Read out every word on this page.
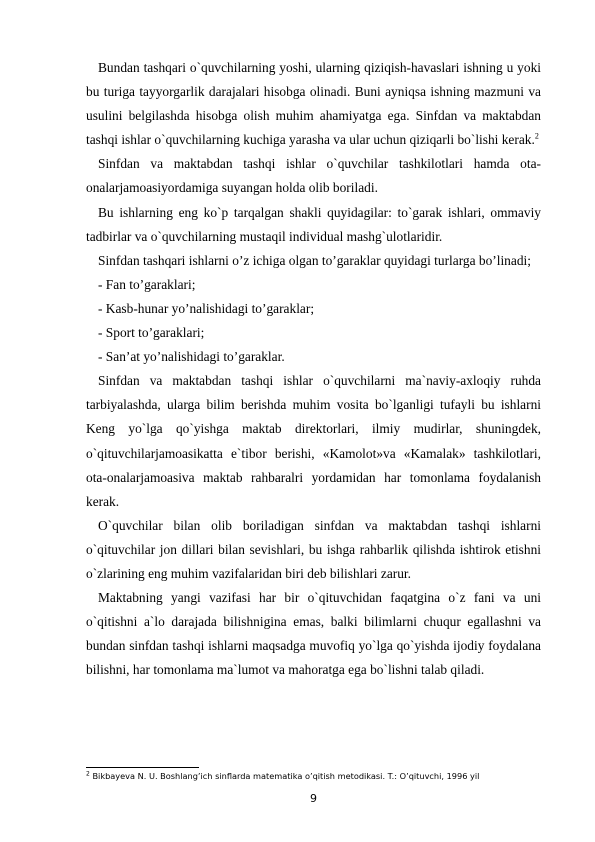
Bundan tashqari o`quvchilarning yoshi, ularning qiziqish-havaslari ishning u yoki bu turiga tayyorgarlik darajalari hisobga olinadi. Buni ayniqsa ishning mazmuni va usulini belgilashda hisobga olish muhim ahamiyatga ega. Sinfdan va maktabdan tashqi ishlar o`quvchilarning kuchiga yarasha va ular uchun qiziqarli bo`lishi kerak.$^2$

Sinfdan va maktabdan tashqi ishlar o`quvchilar tashkilotlari hamda ota-onalarjamoasiyordamiga suyangan holda olib boriladi.

Bu ishlarning eng ko`p tarqalgan shakli quyidagilar: to`garak ishlari, ommaviy tadbirlar va o`quvchilarning mustaqil individual mashg`ulotlaridir.

Sinfdan tashqari ishlarni o’z ichiga olgan to’garaklar quyidagi turlarga bo’linadi;

- Fan to’garaklari;

- Kasb-hunar yo’nalishidagi to’garaklar;

- Sport to’garaklari;

- San’at yo’nalishidagi to’garaklar.

Sinfdan va maktabdan tashqi ishlar o`quvchilarni ma`naviy-axloqiy ruhda tarbiyalashda, ularga bilim berishda muhim vosita bo`lganligi tufayli bu ishlarni Keng yo`lga qo`yishga maktab direktorlari, ilmiy mudirlar, shuningdek, o`qituvchilarjamoasikatta e`tibor berishi, «Kamolot»va «Kamalak» tashkilotlari, ota-onalarjamoasiva maktab rahbaralri yordamidan har tomonlama foydalanish kerak.

O`quvchilar bilan olib boriladigan sinfdan va maktabdan tashqi ishlarni o`qituvchilar jon dillari bilan sevishlari, bu ishga rahbarlik qilishda ishtirok etishni o`zlarining eng muhim vazifalaridan biri deb bilishlari zarur.

Maktabning yangi vazifasi har bir o`qituvchidan faqatgina o`z fani va uni o`qitishni a`lo darajada bilishnigina emas, balki bilimlarni chuqur egallashni va bundan sinfdan tashqi ishlarni maqsadga muvofiq yo`lga qo`yishda ijodiy foydalana bilishni, har tomonlama ma`lumot va mahoratga ega bo`lishni talab qiladi.

$^2$ Bikbayeva N. U. Boshlang’ich sinflarda matematika o’qitish metodikasi. T.: O’qituvchi, 1996 yil
9
